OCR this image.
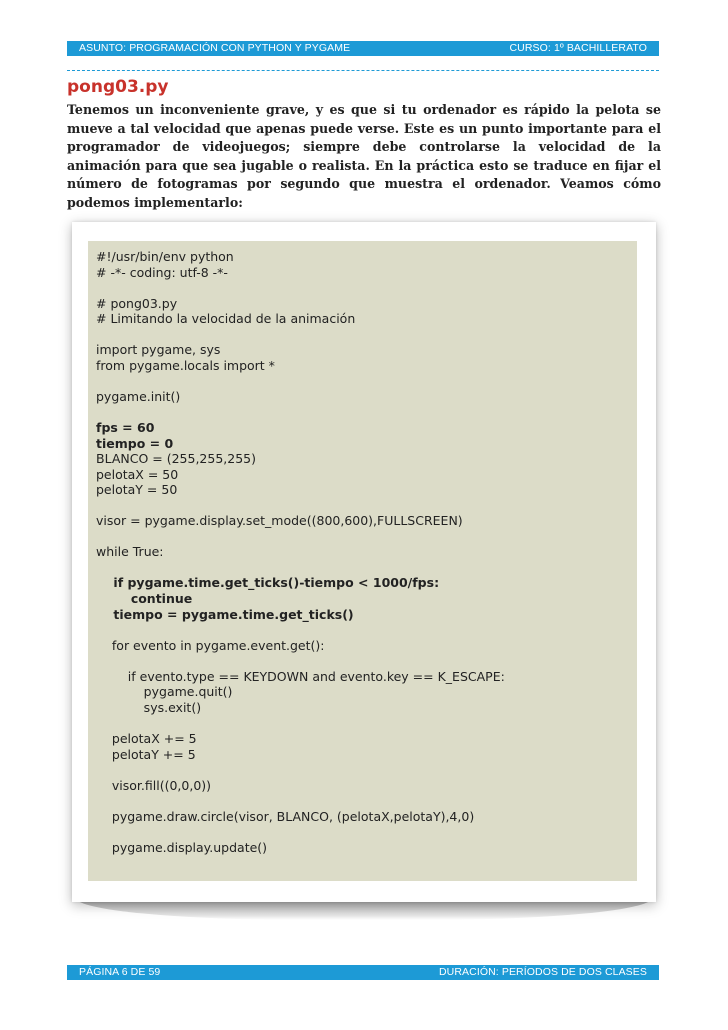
ASUNTO: PROGRAMACIÓN CON PYTHON Y PYGAME	CURSO: 1º BACHILLERATO
pong03.py

Tenemos un inconveniente grave, y es que si tu ordenador es rápido la pelota se mueve a tal velocidad que apenas puede verse. Este es un punto importante para el programador de videojuegos; siempre debe controlarse la velocidad de la animación para que sea jugable o realista. En la práctica esto se traduce en fijar el número de fotogramas por segundo que muestra el ordenador. Veamos cómo podemos implementarlo:

#!/usr/bin/env python
# -*- coding: utf-8 -*-
# pong03.py
# Limitando la velocidad de la animación
import pygame, sys
from pygame.locals import *
pygame.init()
fps = 60
tiempo = 0
BLANCO = (255,255,255)
pelotaX = 50
pelotaY = 50
visor = pygame.display.set_mode((800,600),FULLSCREEN)
while True:
if pygame.time.get_ticks()-tiempo < 1000/fps:
continue
tiempo = pygame.time.get_ticks()
for evento in pygame.event.get():
if evento.type == KEYDOWN and evento.key == K_ESCAPE:
pygame.quit()
sys.exit()
pelotaX += 5
pelotaY += 5
visor.fill((0,0,0))
pygame.draw.circle(visor, BLANCO, (pelotaX,pelotaY),4,0)
pygame.display.update()
PÁGINA 6 DE 59	DURACIÓN: PERÍODOS DE DOS CLASES
